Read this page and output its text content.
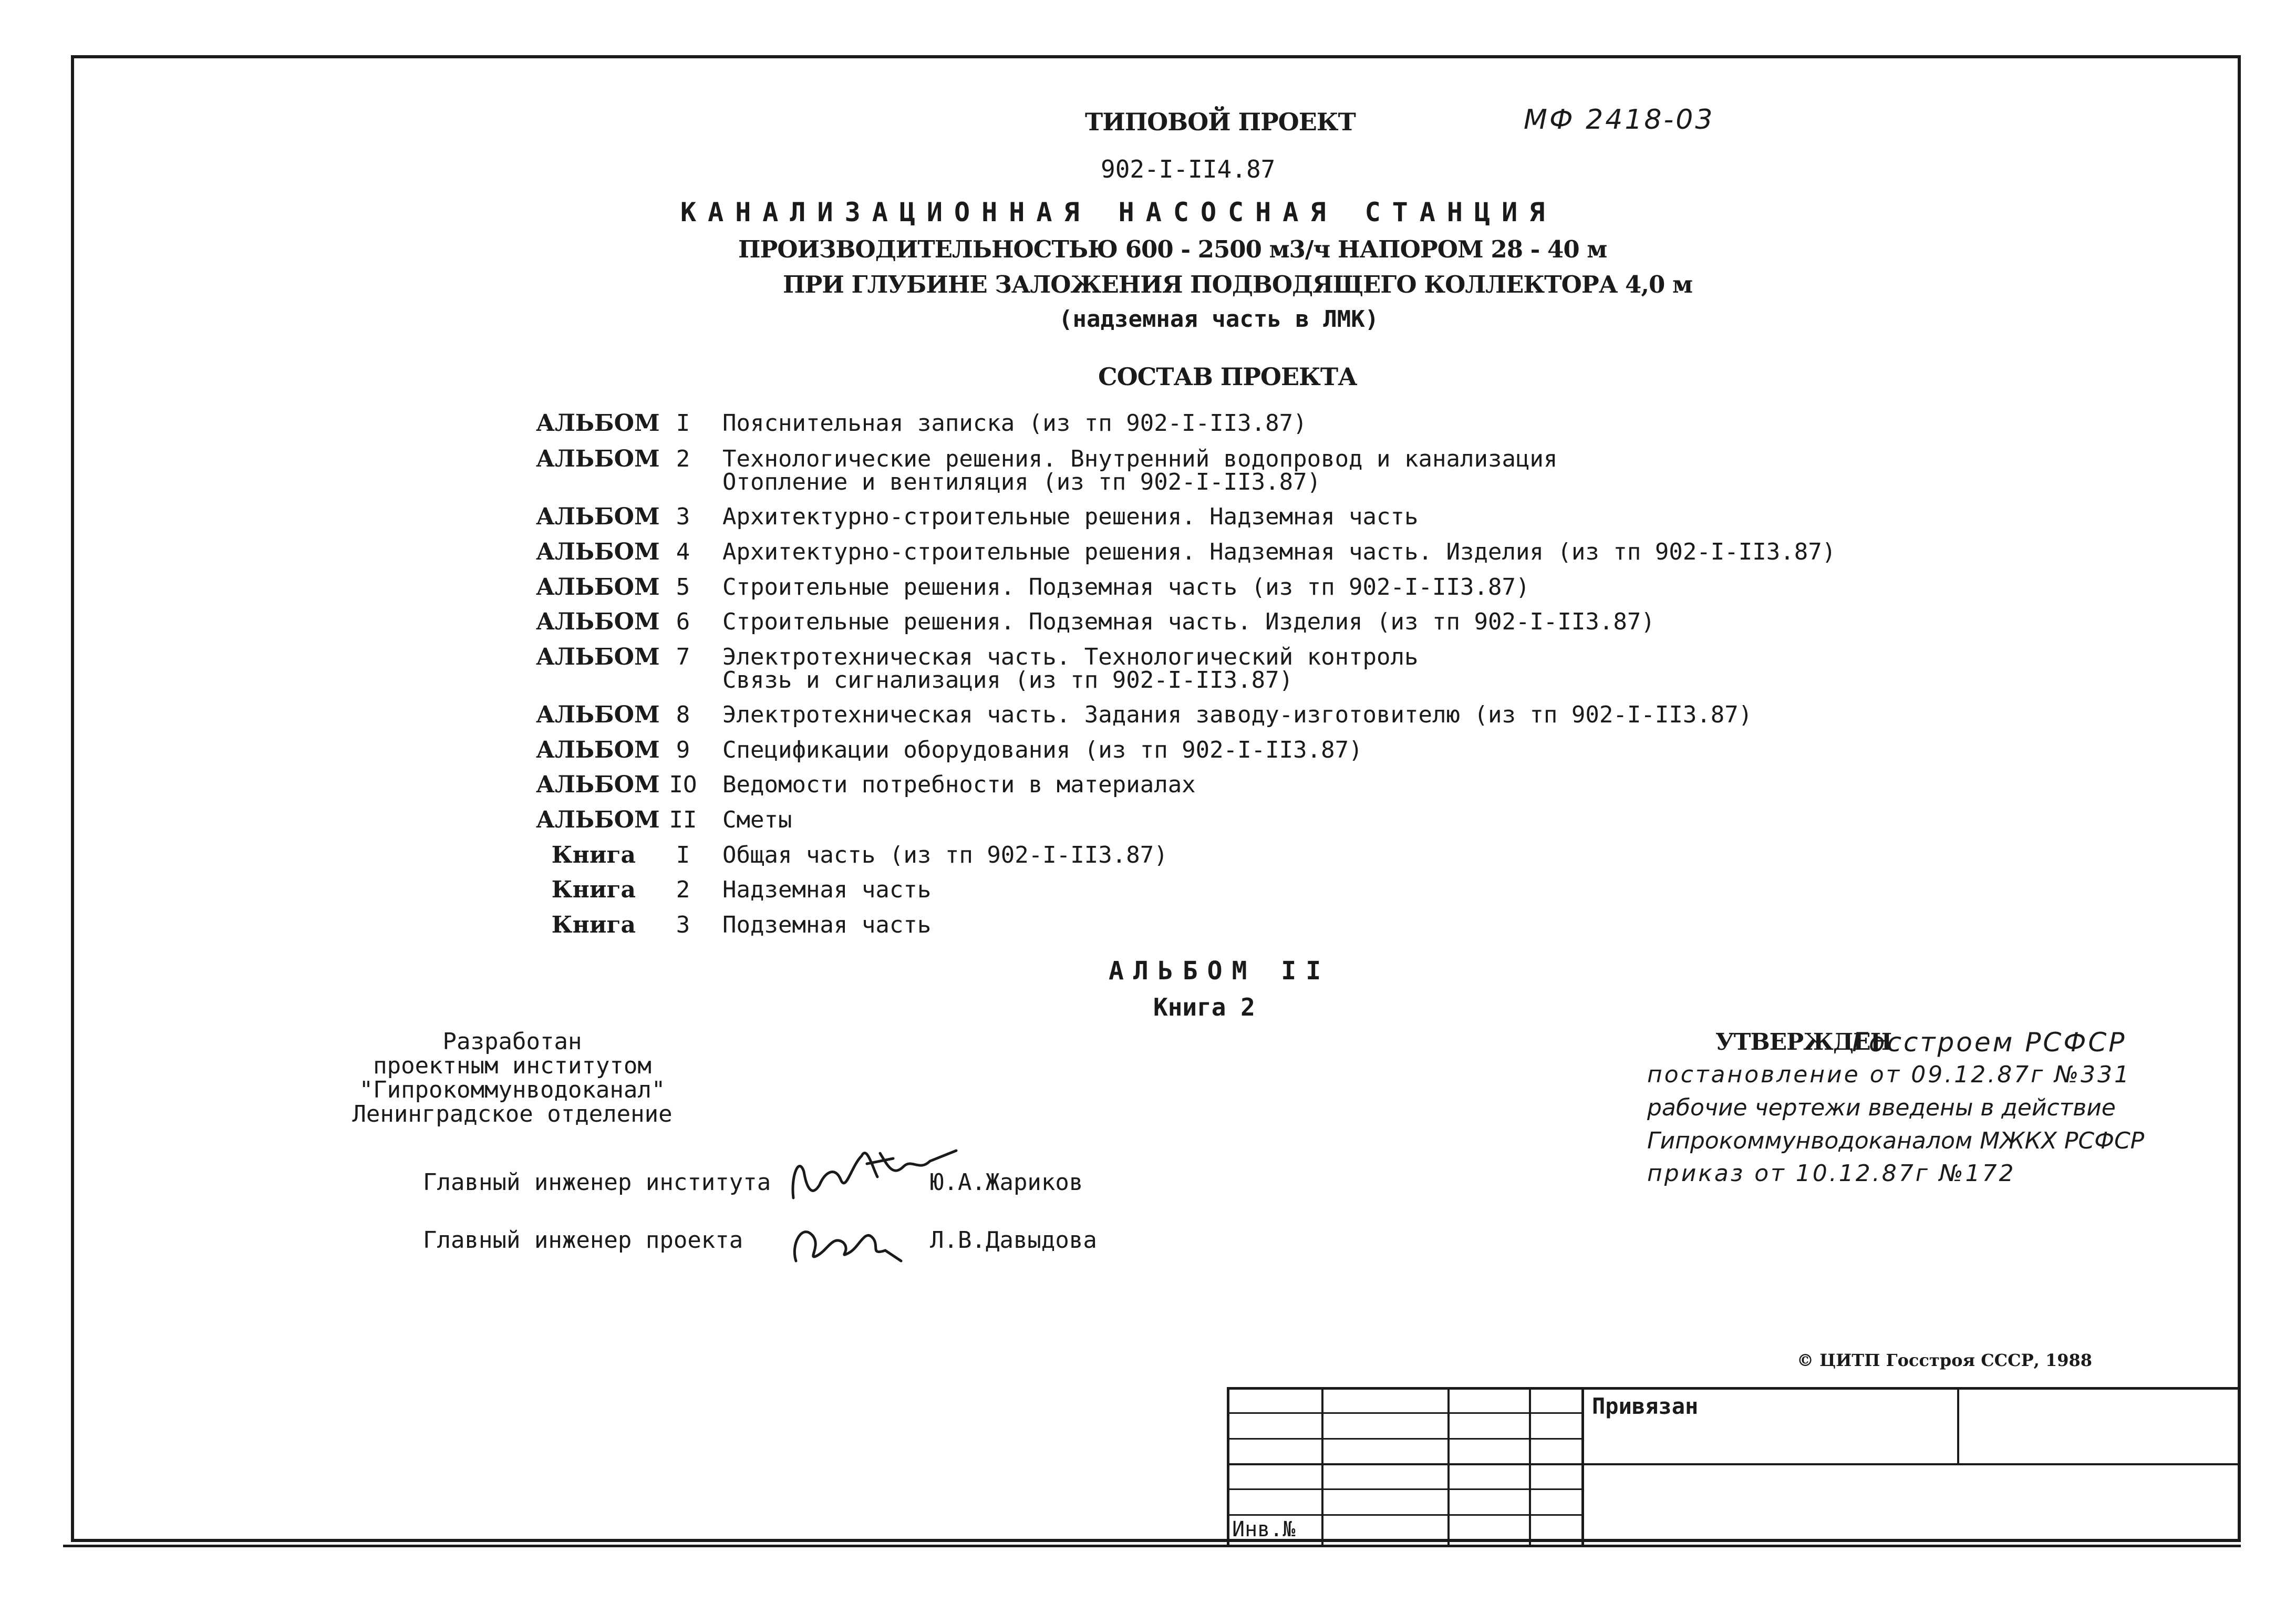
ТИПОВОЙ ПРОЕКТ	МФ 2418-03
902-I-II4.87
КАНАЛИЗАЦИОННАЯ НАСОСНАЯ СТАНЦИЯ
ПРОИЗВОДИТЕЛЬНОСТЬЮ 600 - 2500 м3/ч НАПОРОМ 28 - 40 м
ПРИ ГЛУБИНЕ ЗАЛОЖЕНИЯ ПОДВОДЯЩЕГО КОЛЛЕКТОРА 4,0 м
(надземная часть в ЛМК)
СОСТАВ ПРОЕКТА
АЛЬБОМ I	Пояснительная записка (из тп 902-I-II3.87)
АЛЬБОМ 2	Технологические решения. Внутренний водопровод и канализация
Отопление и вентиляция (из тп 902-I-II3.87)
АЛЬБОМ 3	Архитектурно-строительные решения. Надземная часть
АЛЬБОМ 4	Архитектурно-строительные решения. Надземная часть. Изделия (из тп 902-I-II3.87)
АЛЬБОМ 5	Строительные решения. Подземная часть (из тп 902-I-II3.87)
АЛЬБОМ 6	Строительные решения. Подземная часть. Изделия (из тп 902-I-II3.87)
АЛЬБОМ 7	Электротехническая часть. Технологический контроль
Связь и сигнализация (из тп 902-I-II3.87)
АЛЬБОМ 8	Электротехническая часть. Задания заводу-изготовителю (из тп 902-I-II3.87)
АЛЬБОМ 9	Спецификации оборудования (из тп 902-I-II3.87)
АЛЬБОМ IO Ведомости потребности в материалах
АЛЬБОМ II Сметы
Книга	I	Общая часть (из тп 902-I-II3.87)
Книга	2	Надземная часть
Книга	3	Подземная часть
АЛЬБОМ II
Книга 2
Разработан
проектным институтом
"Гипрокоммунводоканал"
Ленинградское отделение
Главный инженер института	Ю.А.Жариков
Главный инженер проекта	Л.В.Давыдова
УТВЕРЖДЕН
Госстроем РСФСР
постановление от 09.12.87г №331
рабочие чертежи введены в действие
Гипрокоммунводоканалом МЖКХ РСФСР
приказ от 10.12.87г №172
© ЦИТП Госстроя СССР, 1988
Привязан
Инв.№
